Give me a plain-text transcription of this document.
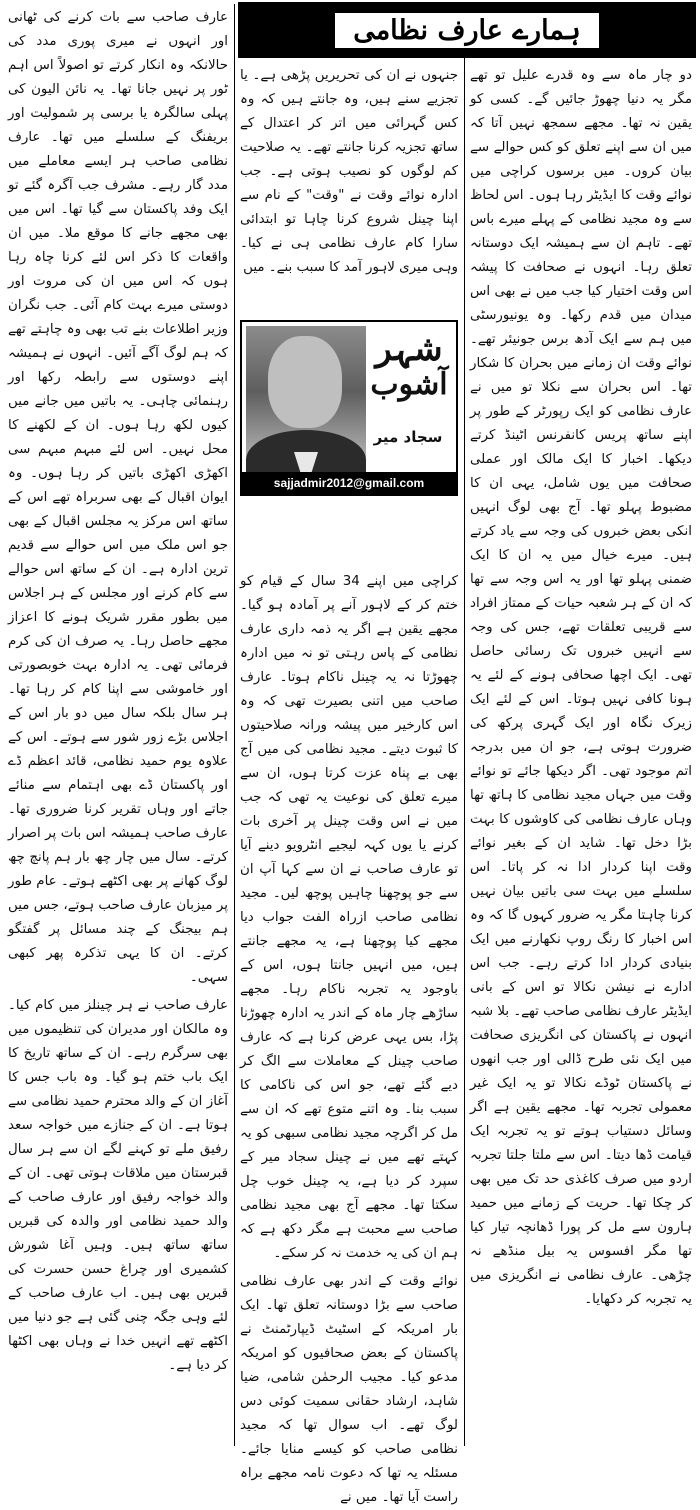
ہمارے عارف نظامی

دو چار ماہ سے وہ قدرے علیل تو تھے مگر یہ دنیا چھوڑ جائیں گے۔ کسی کو یقین نہ تھا۔ مجھے سمجھ نہیں آتا کہ میں ان سے اپنے تعلق کو کس حوالے سے بیان کروں۔ میں برسوں کراچی میں نوائے وقت کا ایڈیٹر رہا ہوں۔ اس لحاظ سے وہ مجید نظامی کے پہلے میرے باس تھے۔ تاہم ان سے ہمیشہ ایک دوستانہ تعلق رہا۔ انہوں نے صحافت کا پیشہ اس وقت اختیار کیا جب میں نے بھی اس میدان میں قدم رکھا۔ وہ یونیورسٹی میں ہم سے ایک آدھ برس جونیئر تھے۔ نوائے وقت ان زمانے میں بحران کا شکار تھا۔ اس بحران سے نکلا تو میں نے عارف نظامی کو ایک رپورٹر کے طور پر اپنے ساتھ پریس کانفرنس اٹینڈ کرتے دیکھا۔ اخبار کا ایک مالک اور عملی صحافت میں یوں شامل، یہی ان کا مضبوط پہلو تھا۔ آج بھی لوگ انہیں انکی بعض خبروں کی وجہ سے یاد کرتے ہیں۔ میرے خیال میں یہ ان کا ایک ضمنی پہلو تھا اور یہ اس وجہ سے تھا کہ ان کے ہر شعبہ حیات کے ممتاز افراد سے قریبی تعلقات تھے، جس کی وجہ سے انہیں خبروں تک رسائی حاصل تھی۔ ایک اچھا صحافی ہونے کے لئے یہ ہونا کافی نہیں ہوتا۔ اس کے لئے ایک زیرک نگاہ اور ایک گہری پرکھ کی ضرورت ہوتی ہے، جو ان میں بدرجہ اتم موجود تھی۔ اگر دیکھا جائے تو نوائے وقت میں جہاں مجید نظامی کا ہاتھ تھا وہاں عارف نظامی کی کاوشوں کا بہت بڑا دخل تھا۔ شاید ان کے بغیر نوائے وقت اپنا کردار ادا نہ کر پاتا۔ اس سلسلے میں بہت سی باتیں بیان نہیں کرنا چاہتا مگر یہ ضرور کہوں گا کہ وہ اس اخبار کا رنگ روپ نکھارنے میں ایک بنیادی کردار ادا کرتے رہے۔ جب اس ادارے نے نیشن نکالا تو اس کے بانی ایڈیٹر عارف نظامی صاحب تھے۔ بلا شبہ انہوں نے پاکستان کی انگریزی صحافت میں ایک نئی طرح ڈالی اور جب انھوں نے پاکستان ٹوڈے نکالا تو یہ ایک غیر معمولی تجربہ تھا۔ مجھے یقین ہے اگر وسائل دستیاب ہوتے تو یہ تجربہ ایک قیامت ڈھا دیتا۔ اس سے ملتا جلتا تجربہ اردو میں صرف کاغذی حد تک میں بھی کر چکا تھا۔ حریت کے زمانے میں حمید ہارون سے مل کر پورا ڈھانچہ تیار کیا تھا مگر افسوس یہ بیل منڈھے نہ چڑھی۔ عارف نظامی نے انگریزی میں یہ تجربہ کر دکھایا۔

جنہوں نے ان کی تحریریں پڑھی ہے۔ یا تجزیے سنے ہیں، وہ جانتے ہیں کہ وہ کس گہرائی میں اتر کر اعتدال کے ساتھ تجزیہ کرنا جانتے تھے۔ یہ صلاحیت کم لوگوں کو نصیب ہوتی ہے۔ جب ادارہ نوائے وقت نے "وقت" کے نام سے اپنا چینل شروع کرنا چاہا تو ابتدائی سارا کام عارف نظامی ہی نے کیا۔ وہی میری لاہور آمد کا سبب بنے۔ میں

شہر
آشوب
سجاد میر
sajjadmir2012@gmail.com

کراچی میں اپنے 34 سال کے قیام کو ختم کر کے لاہور آنے پر آمادہ ہو گیا۔ مجھے یقین ہے اگر یہ ذمہ داری عارف نظامی کے پاس رہتی تو نہ میں ادارہ چھوڑتا نہ یہ چینل ناکام ہوتا۔ عارف صاحب میں اتنی بصیرت تھی کہ وہ اس کارخیر میں پیشہ ورانہ صلاحیتوں کا ثبوت دیتے۔ مجید نظامی کی میں آج بھی بے پناہ عزت کرتا ہوں، ان سے میرے تعلق کی نوعیت یہ تھی کہ جب میں نے اس وقت چینل پر آخری بات کرنے یا یوں کہہ لیجیے انٹرویو دینے آیا تو عارف صاحب نے ان سے کہا آپ ان سے جو پوچھنا چاہیں پوچھ لیں۔ مجید نظامی صاحب ازراہ الفت جواب دیا مجھے کیا پوچھنا ہے، یہ مجھے جانتے ہیں، میں انہیں جانتا ہوں، اس کے باوجود یہ تجربہ ناکام رہا۔ مجھے ساڑھے چار ماہ کے اندر یہ ادارہ چھوڑنا پڑا، بس یہی عرض کرنا ہے کہ عارف صاحب چینل کے معاملات سے الگ کر دیے گئے تھے، جو اس کی ناکامی کا سبب بنا۔ وہ اتنے متوع تھے کہ ان سے مل کر اگرچہ مجید نظامی سبھی کو یہ کہتے تھے میں نے چینل سجاد میر کے سپرد کر دیا ہے، یہ چینل خوب چل سکتا تھا۔ مجھے آج بھی مجید نظامی صاحب سے محبت ہے مگر دکھ ہے کہ ہم ان کی یہ خدمت نہ کر سکے۔

نوائے وقت کے اندر بھی عارف نظامی صاحب سے بڑا دوستانہ تعلق تھا۔ ایک بار امریکہ کے اسٹیٹ ڈیپارٹمنٹ نے پاکستان کے بعض صحافیوں کو امریکہ مدعو کیا۔ مجیب الرحمٰن شامی، ضیا شاہد، ارشاد حقانی سمیت کوئی دس لوگ تھے۔ اب سوال تھا کہ مجید نظامی صاحب کو کیسے منایا جائے۔ مسئلہ یہ تھا کہ دعوت نامہ مجھے براہ راست آیا تھا۔ میں نے

عارف صاحب سے بات کرنے کی ٹھانی اور انہوں نے میری پوری مدد کی حالانکہ وہ انکار کرتے تو اصولاً اس اہم ٹور پر نہیں جانا تھا۔ یہ نائن الیون کی پہلی سالگرہ یا برسی پر شمولیت اور بریفنگ کے سلسلے میں تھا۔ عارف نظامی صاحب ہر ایسے معاملے میں مدد گار رہے۔ مشرف جب آگرہ گئے تو ایک وفد پاکستان سے گیا تھا۔ اس میں بھی مجھے جانے کا موقع ملا۔ میں ان واقعات کا ذکر اس لئے کرنا چاہ رہا ہوں کہ اس میں ان کی مروت اور دوستی میرے بہت کام آئی۔ جب نگران وزیر اطلاعات بنے تب بھی وہ چاہتے تھے کہ ہم لوگ آگے آئیں۔ انہوں نے ہمیشہ اپنے دوستوں سے رابطہ رکھا اور رہنمائی چاہی۔ یہ باتیں میں جانے میں کیوں لکھ رہا ہوں۔ ان کے لکھنے کا محل نہیں۔ اس لئے مبہم مبہم سی اکھڑی اکھڑی باتیں کر رہا ہوں۔ وہ ایوان اقبال کے بھی سربراہ تھے اس کے ساتھ اس مرکز یہ مجلس اقبال کے بھی جو اس ملک میں اس حوالے سے قدیم ترین ادارہ ہے۔ ان کے ساتھ اس حوالے سے کام کرنے اور مجلس کے ہر اجلاس میں بطور مقرر شریک ہونے کا اعزاز مجھے حاصل رہا۔ یہ صرف ان کی کرم فرمائی تھی۔ یہ ادارہ بہت خوبصورتی اور خاموشی سے اپنا کام کر رہا تھا۔ ہر سال بلکہ سال میں دو بار اس کے اجلاس بڑے زور شور سے ہوتے۔ اس کے علاوہ یوم حمید نظامی، قائد اعظم ڈے اور پاکستان ڈے بھی اہتمام سے منائے جاتے اور وہاں تقریر کرنا ضروری تھا۔ عارف صاحب ہمیشہ اس بات پر اصرار کرتے۔ سال میں چار چھ بار ہم پانچ چھ لوگ کھانے پر بھی اکٹھے ہوتے۔ عام طور پر میزبان عارف صاحب ہوتے، جس میں ہم بیجنگ کے چند مسائل پر گفتگو کرتے۔ ان کا یہی تذکرہ پھر کبھی سہی۔

عارف صاحب نے ہر چینلز میں کام کیا۔ وہ مالکان اور مدیران کی تنظیموں میں بھی سرگرم رہے۔ ان کے ساتھ تاریخ کا ایک باب ختم ہو گیا۔ وہ باب جس کا آغاز ان کے والد محترم حمید نظامی سے ہوتا ہے۔ ان کے جنازے میں خواجہ سعد رفیق ملے تو کہنے لگے ان سے ہر سال قبرستان میں ملاقات ہوتی تھی۔ ان کے والد خواجہ رفیق اور عارف صاحب کے والد حمید نظامی اور والدہ کی قبریں ساتھ ساتھ ہیں۔ وہیں آغا شورش کشمیری اور چراغ حسن حسرت کی قبریں بھی ہیں۔ اب عارف صاحب کے لئے وہی جگہ چنی گئی ہے جو دنیا میں اکٹھے تھے انہیں خدا نے وہاں بھی اکٹھا کر دیا ہے۔
